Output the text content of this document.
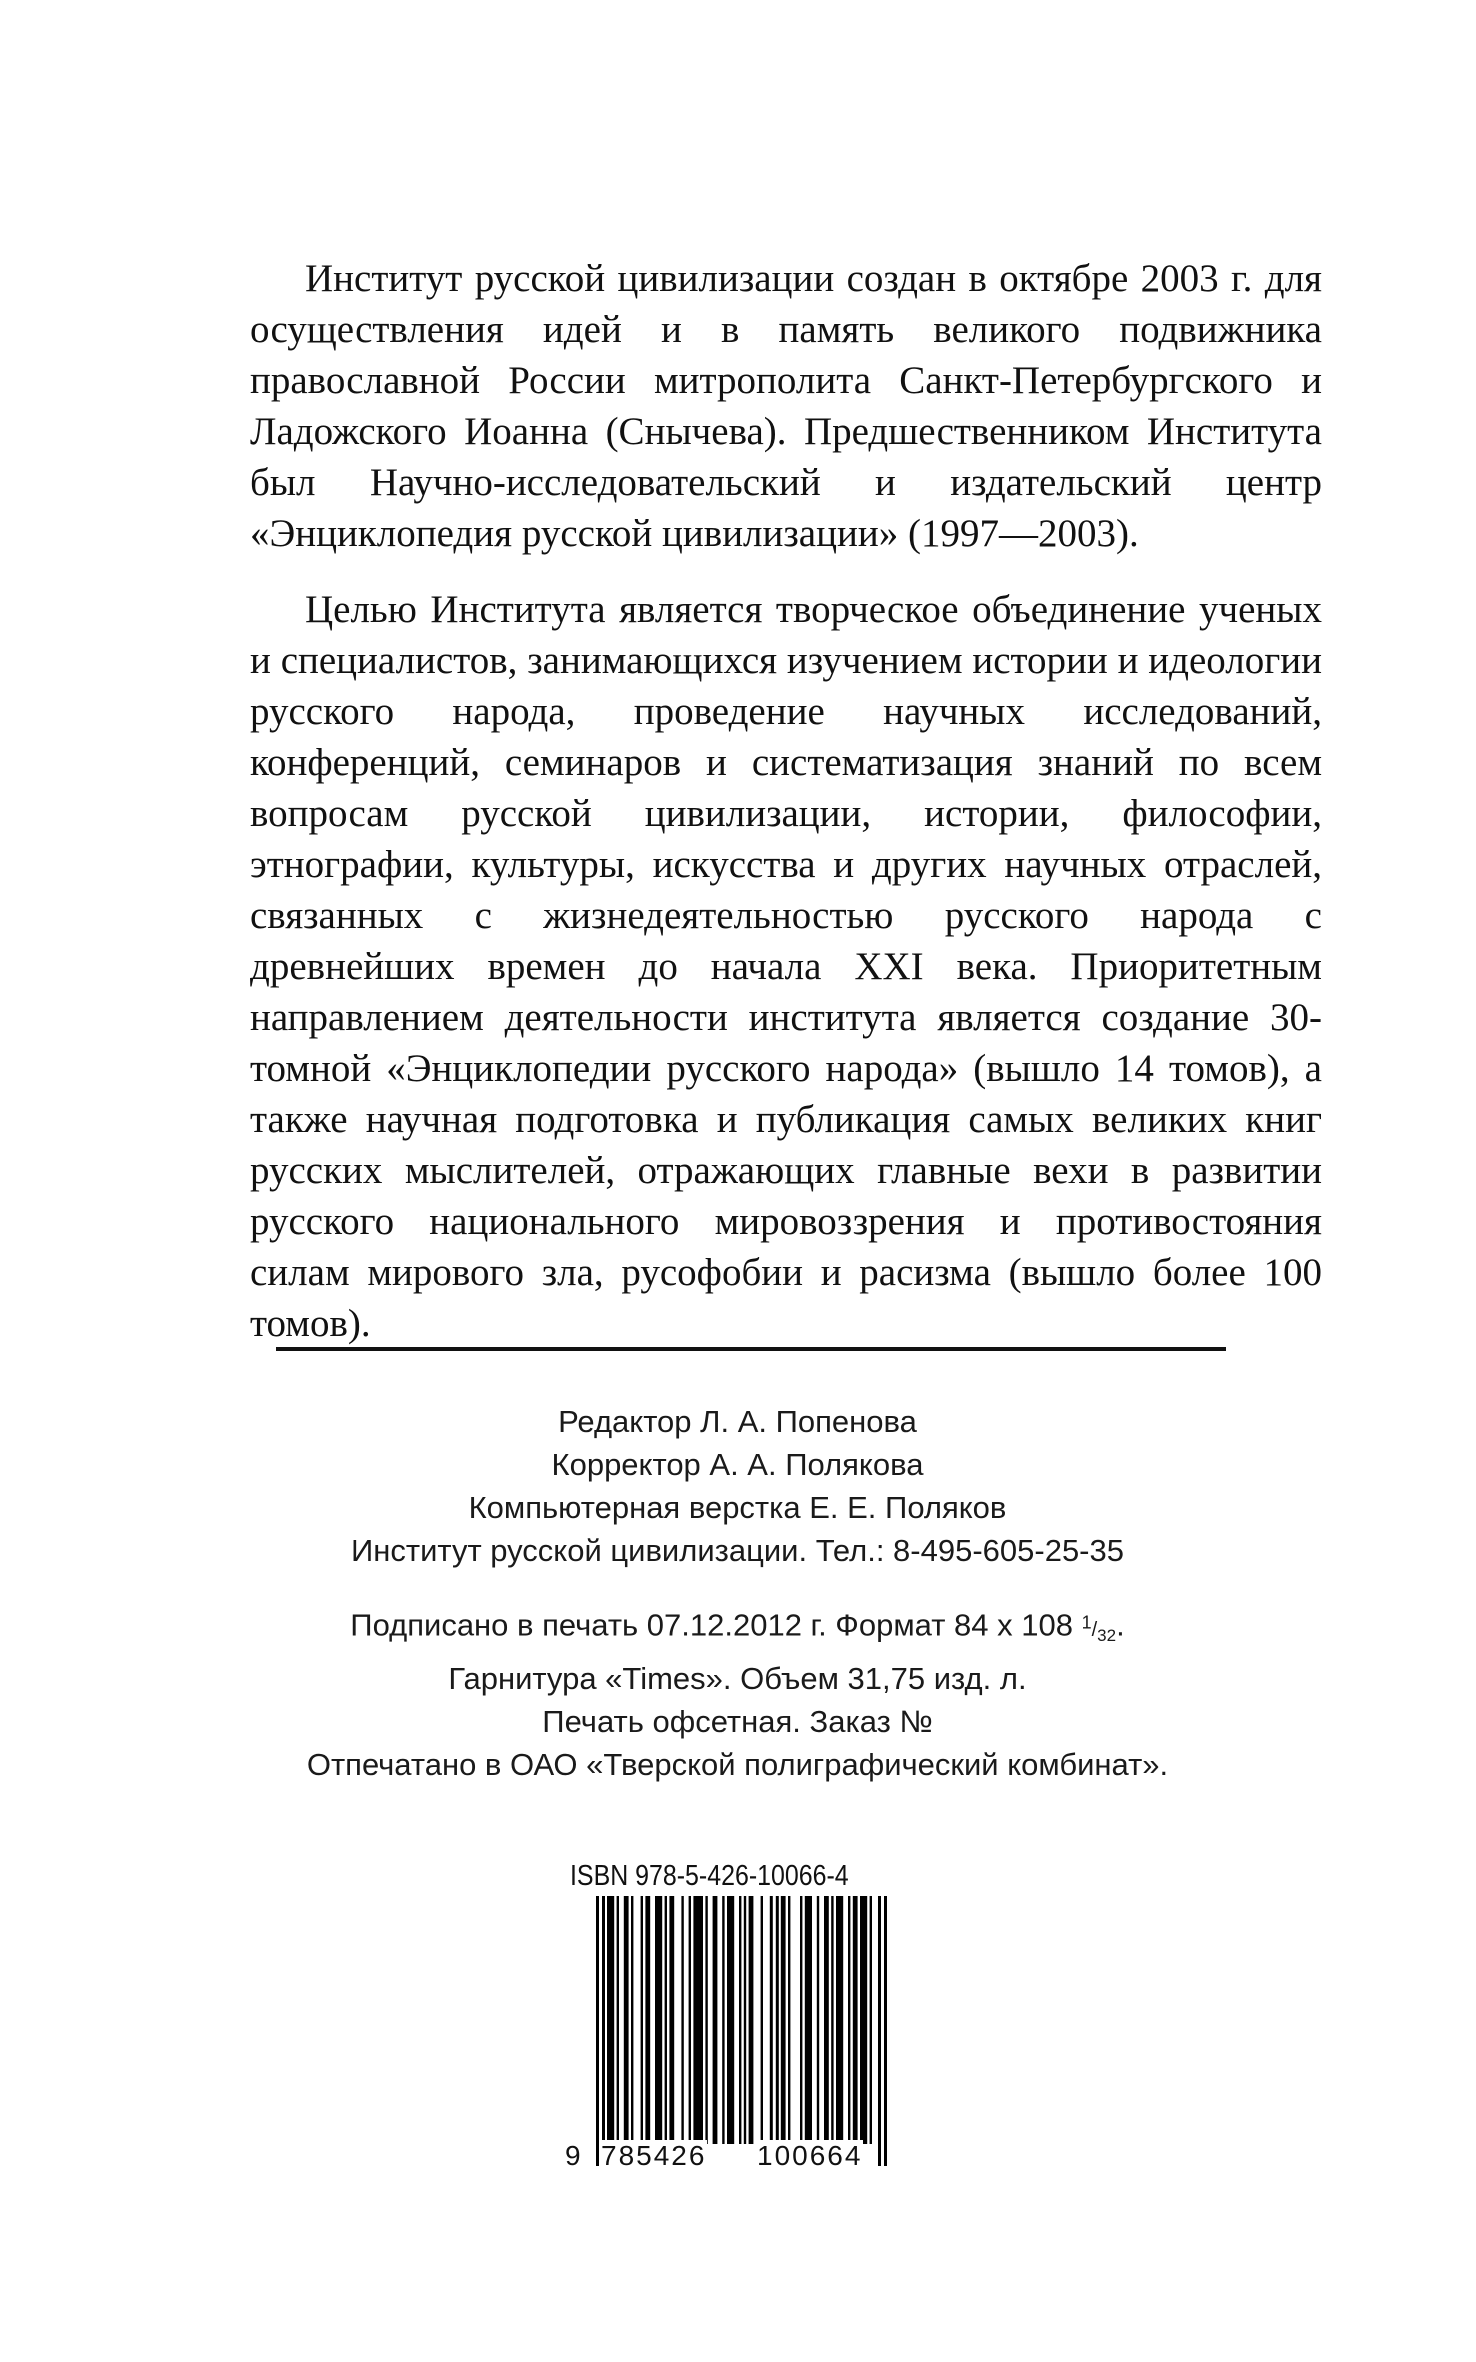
Институт русской цивилизации создан в октябре 2003 г. для осуществления идей и в память великого подвижника православной России митрополита Санкт-Петербургского и Ладожского Иоанна (Снычева). Предшественником Института был Научно-исследовательский и издательский центр «Энциклопедия русской цивилизации» (1997—2003).

Целью Института является творческое объединение ученых и специалистов, занимающихся изучением истории и идеологии русского народа, проведение научных исследований, конференций, семинаров и систематизация знаний по всем вопросам русской цивилизации, истории, философии, этнографии, культуры, искусства и других научных отраслей, связанных с жизнедеятельностью русского народа с древнейших времен до начала XXI века. Приоритетным направлением деятельности института является создание 30-томной «Энциклопедии русского народа» (вышло 14 томов), а также научная подготовка и публикация самых великих книг русских мыслителей, отражающих главные вехи в развитии русского национального мировоззрения и противостояния силам мирового зла, русофобии и расизма (вышло более 100 томов).

Редактор Л. А. Попенова
Корректор А. А. Полякова
Компьютерная верстка Е. Е. Поляков
Институт русской цивилизации. Тел.: 8-495-605-25-35
Подписано в печать 07.12.2012 г. Формат 84 x 108 $^1/_{32}$.
Гарнитура «Times». Объем 31,75 изд. л.
Печать офсетная. Заказ №
Отпечатано в ОАО «Тверской полиграфический комбинат».
ISBN 978-5-426-10066-4
9 785426 100664
